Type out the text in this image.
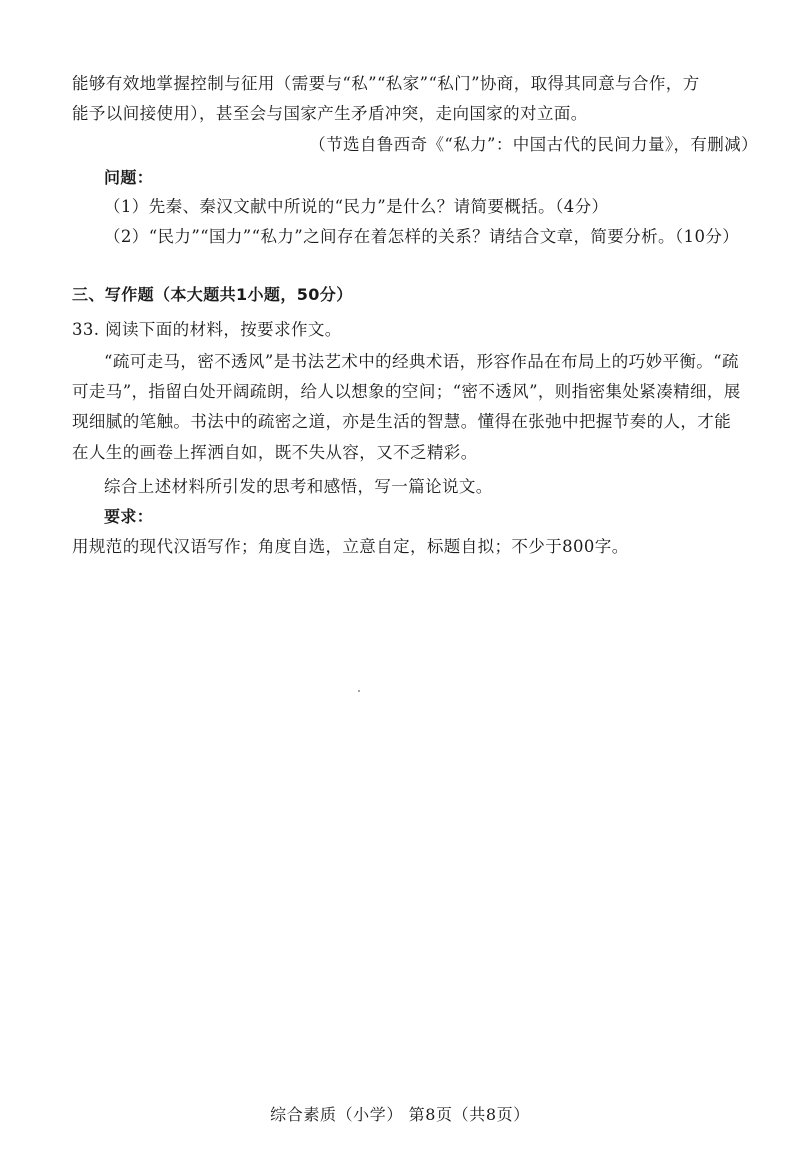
能够有效地掌握控制与征用（需要与“私”“私家”“私门”协商，取得其同意与合作，方
能予以间接使用），甚至会与国家产生矛盾冲突，走向国家的对立面。
（节选自鲁西奇《“私力”：中国古代的民间力量》，有删减）
问题：
（1）先秦、秦汉文献中所说的“民力”是什么？请简要概括。（4分）
（2）“民力”“国力”“私力”之间存在着怎样的关系？请结合文章，简要分析。（10分）
三、写作题（本大题共1小题，50分）
33. 阅读下面的材料，按要求作文。
“疏可走马，密不透风”是书法艺术中的经典术语，形容作品在布局上的巧妙平衡。“疏
可走马”，指留白处开阔疏朗，给人以想象的空间；“密不透风”，则指密集处紧凑精细，展
现细腻的笔触。书法中的疏密之道，亦是生活的智慧。懂得在张弛中把握节奏的人，才能
在人生的画卷上挥洒自如，既不失从容，又不乏精彩。
综合上述材料所引发的思考和感悟，写一篇论说文。
要求：
用规范的现代汉语写作；角度自选，立意自定，标题自拟；不少于800字。
综合素质（小学） 第8页（共8页）
